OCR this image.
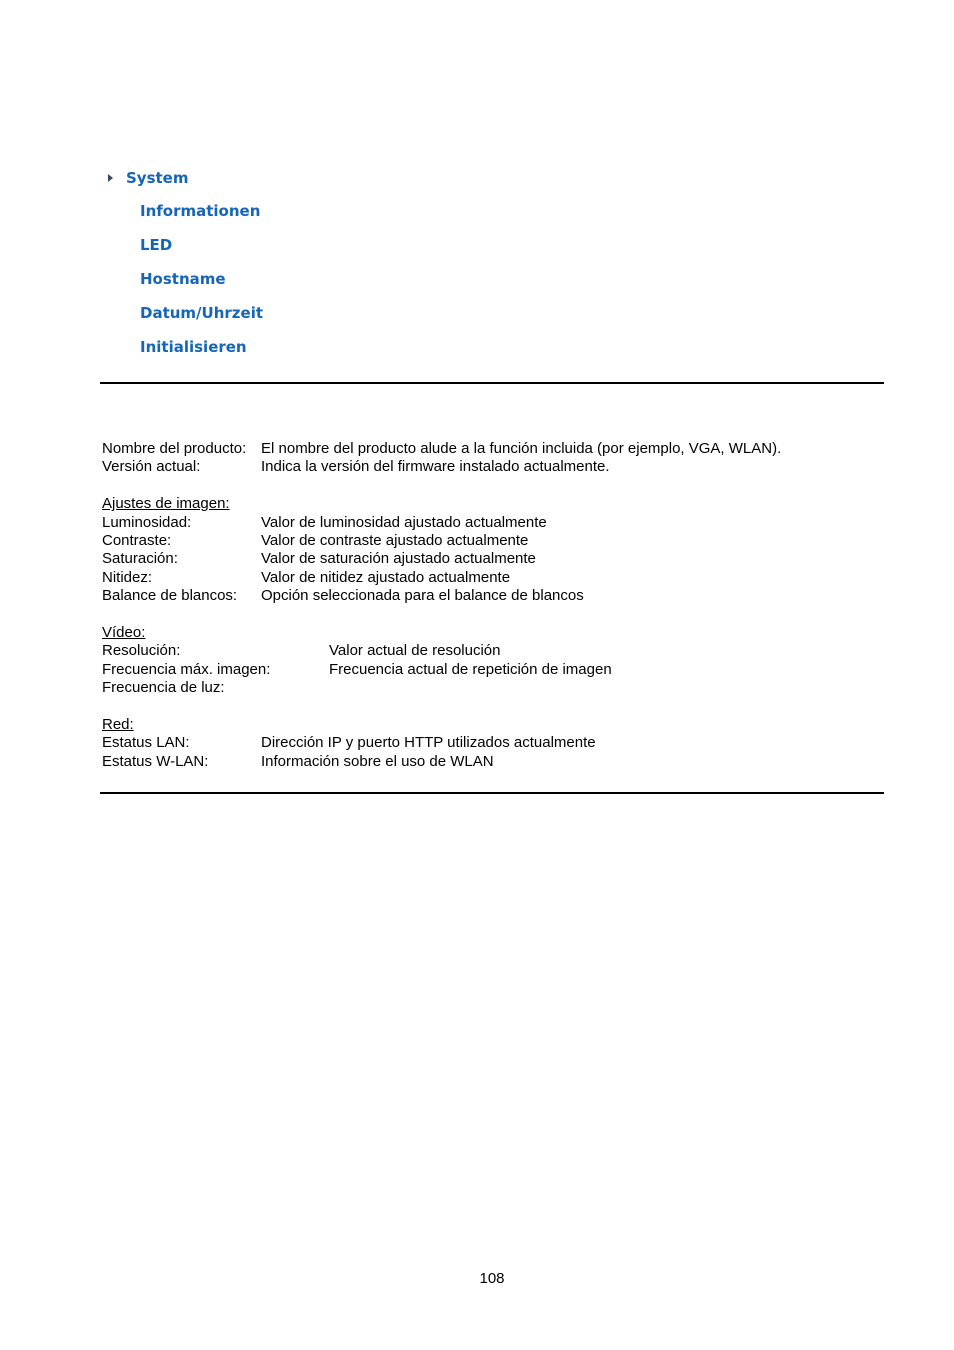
System
Informationen
LED
Hostname
Datum/Uhrzeit
Initialisieren
Nombre del producto: El nombre del producto alude a la función incluida (por ejemplo, VGA, WLAN).
Versión actual:	Indica la versión del firmware instalado actualmente.
Ajustes de imagen:
Luminosidad:	Valor de luminosidad ajustado actualmente
Contraste:	Valor de contraste ajustado actualmente
Saturación:	Valor de saturación ajustado actualmente
Nitidez:	Valor de nitidez ajustado actualmente
Balance de blancos:	Opción seleccionada para el balance de blancos
Vídeo:
Resolución:	Valor actual de resolución
Frecuencia máx. imagen:	Frecuencia actual de repetición de imagen
Frecuencia de luz:
Red:
Estatus LAN:	Dirección IP y puerto HTTP utilizados actualmente
Estatus W-LAN:	Información sobre el uso de WLAN
108
